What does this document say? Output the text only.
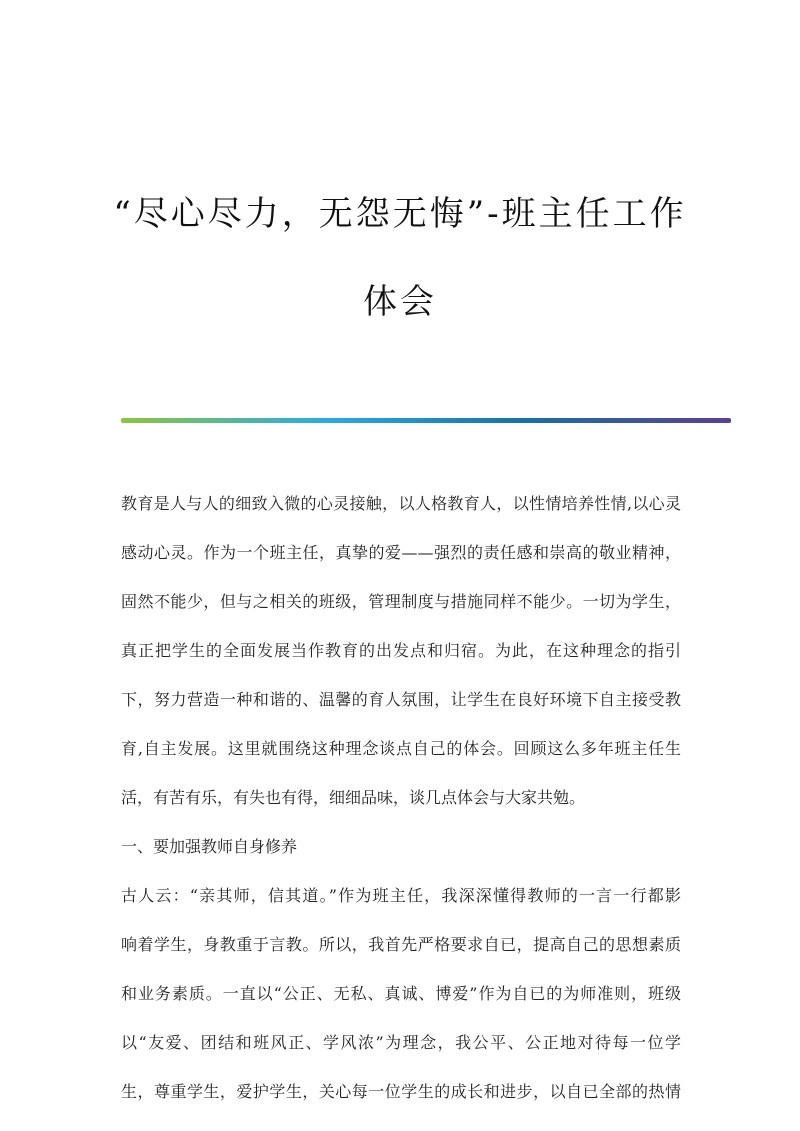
“尽心尽力，无怨无悔”-班主任工作
体会
教育是人与人的细致入微的心灵接触，以人格教育人，以性情培养性情,以心灵
感动心灵。作为一个班主任，真挚的爱——强烈的责任感和崇高的敬业精神，
固然不能少，但与之相关的班级，管理制度与措施同样不能少。一切为学生，
真正把学生的全面发展当作教育的出发点和归宿。为此，在这种理念的指引
下，努力营造一种和谐的、温馨的育人氛围，让学生在良好环境下自主接受教
育,自主发展。这里就围绕这种理念谈点自己的体会。回顾这么多年班主任生
活，有苦有乐，有失也有得，细细品味，谈几点体会与大家共勉。
一、要加强教师自身修养
古人云：“亲其师，信其道。”作为班主任，我深深懂得教师的一言一行都影
响着学生，身教重于言教。所以，我首先严格要求自已，提高自己的思想素质
和业务素质。一直以“公正、无私、真诚、博爱”作为自已的为师准则，班级
以“友爱、团结和班风正、学风浓”为理念，我公平、公正地对待每一位学
生，尊重学生，爱护学生，关心每一位学生的成长和进步，以自已全部的热情
